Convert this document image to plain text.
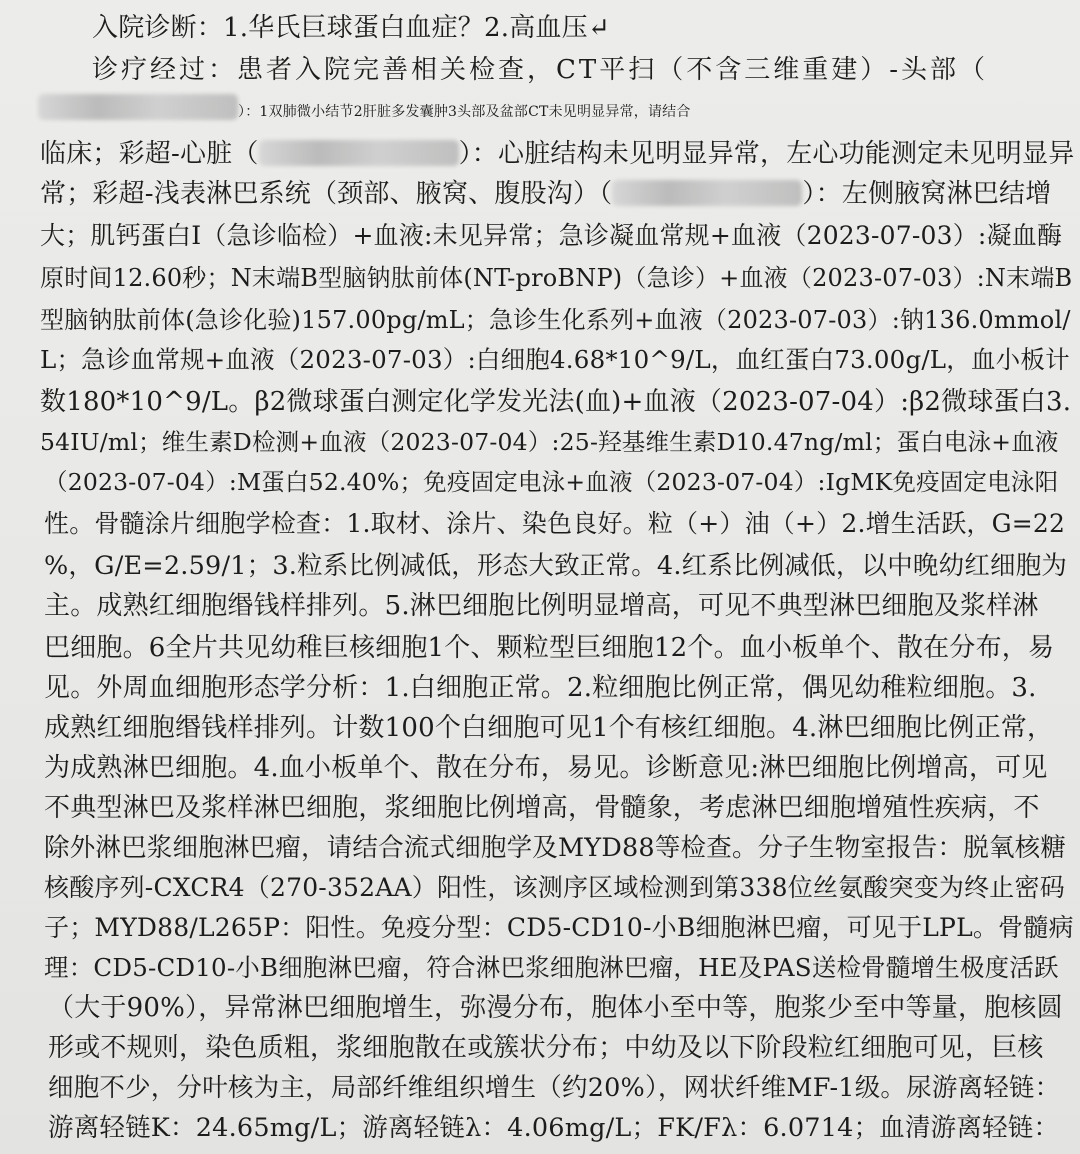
入院诊断：1.华氏巨球蛋白血症？2.高血压↵
诊疗经过：患者入院完善相关检查，CT平扫（不含三维重建）-头部（
）：1双肺微小结节2肝脏多发囊肿3头部及盆部CT未见明显异常，请结合
临床；彩超-心脏（	）：心脏结构未见明显异常，左心功能测定未见明显异
常；彩超-浅表淋巴系统（颈部、腋窝、腹股沟）（	）：左侧腋窝淋巴结增
大；肌钙蛋白I（急诊临检）+血液:未见异常；急诊凝血常规+血液（2023-07-03）:凝血酶
原时间12.60秒；N末端B型脑钠肽前体(NT-proBNP)（急诊）+血液（2023-07-03）:N末端B
型脑钠肽前体(急诊化验)157.00pg/mL；急诊生化系列+血液（2023-07-03）:钠136.0mmol/
L；急诊血常规+血液（2023-07-03）:白细胞4.68*10^9/L，血红蛋白73.00g/L，血小板计
数180*10^9/L。β2微球蛋白测定化学发光法(血)+血液（2023-07-04）:β2微球蛋白3.
54IU/ml；维生素D检测+血液（2023-07-04）:25-羟基维生素D10.47ng/ml；蛋白电泳+血液
（2023-07-04）:M蛋白52.40%；免疫固定电泳+血液（2023-07-04）:IgMK免疫固定电泳阳
性。骨髓涂片细胞学检查：1.取材、涂片、染色良好。粒（+）油（+）2.增生活跃，G=22
%，G/E=2.59/1；3.粒系比例减低，形态大致正常。4.红系比例减低，以中晚幼红细胞为
主。成熟红细胞缗钱样排列。5.淋巴细胞比例明显增高，可见不典型淋巴细胞及浆样淋
巴细胞。6全片共见幼稚巨核细胞1个、颗粒型巨细胞12个。血小板单个、散在分布，易
见。外周血细胞形态学分析：1.白细胞正常。2.粒细胞比例正常，偶见幼稚粒细胞。3.
成熟红细胞缗钱样排列。计数100个白细胞可见1个有核红细胞。4.淋巴细胞比例正常，
为成熟淋巴细胞。4.血小板单个、散在分布，易见。诊断意见:淋巴细胞比例增高，可见
不典型淋巴及浆样淋巴细胞，浆细胞比例增高，骨髓象，考虑淋巴细胞增殖性疾病，不
除外淋巴浆细胞淋巴瘤，请结合流式细胞学及MYD88等检查。分子生物室报告：脱氧核糖
核酸序列-CXCR4（270-352AA）阳性，该测序区域检测到第338位丝氨酸突变为终止密码
子；MYD88/L265P：阳性。免疫分型：CD5-CD10-小B细胞淋巴瘤，可见于LPL。骨髓病
理：CD5-CD10-小B细胞淋巴瘤，符合淋巴浆细胞淋巴瘤，HE及PAS送检骨髓增生极度活跃
（大于90%），异常淋巴细胞增生，弥漫分布，胞体小至中等，胞浆少至中等量，胞核圆
形或不规则，染色质粗，浆细胞散在或簇状分布；中幼及以下阶段粒红细胞可见，巨核
细胞不少，分叶核为主，局部纤维组织增生（约20%），网状纤维MF-1级。尿游离轻链：
游离轻链K：24.65mg/L；游离轻链λ：4.06mg/L；FK/Fλ：6.0714；血清游离轻链：
